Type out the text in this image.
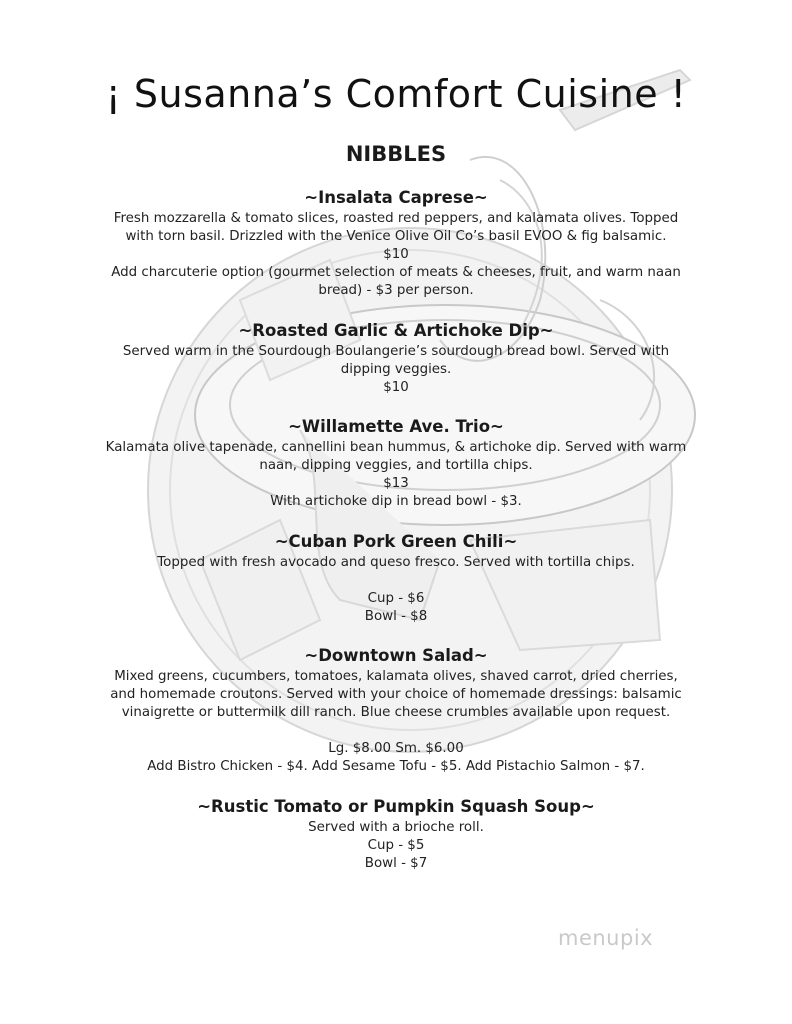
¡ Susanna’s Comfort Cuisine !
NIBBLES
~Insalata Caprese~
Fresh mozzarella & tomato slices, roasted red peppers, and kalamata olives. Topped
with torn basil. Drizzled with the Venice Olive Oil Co’s basil EVOO & fig balsamic.
$10
Add charcuterie option (gourmet selection of meats & cheeses, fruit, and warm naan
bread) - $3 per person.
~Roasted Garlic & Artichoke Dip~
Served warm in the Sourdough Boulangerie’s sourdough bread bowl. Served with
dipping veggies.
$10
~Willamette Ave. Trio~
Kalamata olive tapenade, cannellini bean hummus, & artichoke dip. Served with warm
naan, dipping veggies, and tortilla chips.
$13
With artichoke dip in bread bowl - $3.
~Cuban Pork Green Chili~
Topped with fresh avocado and queso fresco. Served with tortilla chips.
Cup - $6
Bowl - $8
~Downtown Salad~
Mixed greens, cucumbers, tomatoes, kalamata olives, shaved carrot, dried cherries,
and homemade croutons. Served with your choice of homemade dressings: balsamic
vinaigrette or buttermilk dill ranch. Blue cheese crumbles available upon request.
Lg. $8.00 Sm. $6.00
Add Bistro Chicken - $4. Add Sesame Tofu - $5. Add Pistachio Salmon - $7.
~Rustic Tomato or Pumpkin Squash Soup~
Served with a brioche roll.
Cup - $5
Bowl - $7
menupix
